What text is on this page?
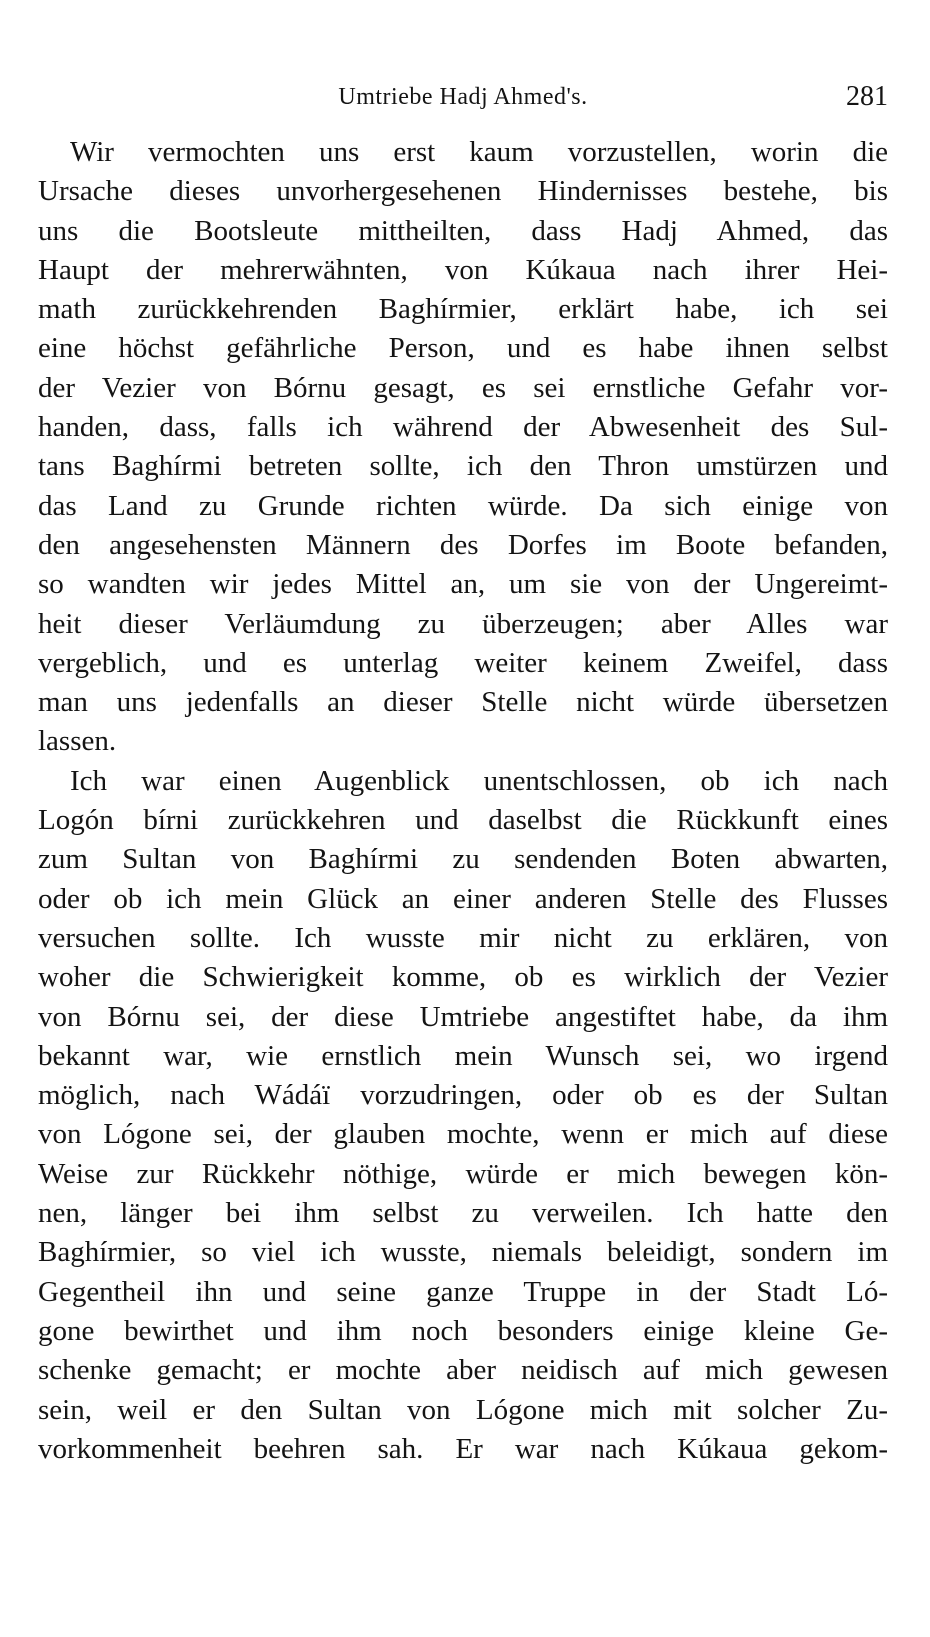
Umtriebe Hadj Ahmed's.	281
Wir vermochten uns erst kaum vorzustellen, worin die
Ursache dieses unvorhergesehenen Hindernisses bestehe, bis
uns die Bootsleute mittheilten, dass Hadj Ahmed, das
Haupt der mehrerwähnten, von Kúkaua nach ihrer Hei-
math zurückkehrenden Baghírmier, erklärt habe, ich sei
eine höchst gefährliche Person, und es habe ihnen selbst
der Vezier von Bórnu gesagt, es sei ernstliche Gefahr vor-
handen, dass, falls ich während der Abwesenheit des Sul-
tans Baghírmi betreten sollte, ich den Thron umstürzen und
das Land zu Grunde richten würde. Da sich einige von
den angesehensten Männern des Dorfes im Boote befanden,
so wandten wir jedes Mittel an, um sie von der Ungereimt-
heit dieser Verläumdung zu überzeugen; aber Alles war
vergeblich, und es unterlag weiter keinem Zweifel, dass
man uns jedenfalls an dieser Stelle nicht würde übersetzen
lassen.
Ich war einen Augenblick unentschlossen, ob ich nach
Logón bírni zurückkehren und daselbst die Rückkunft eines
zum Sultan von Baghírmi zu sendenden Boten abwarten,
oder ob ich mein Glück an einer anderen Stelle des Flusses
versuchen sollte. Ich wusste mir nicht zu erklären, von
woher die Schwierigkeit komme, ob es wirklich der Vezier
von Bórnu sei, der diese Umtriebe angestiftet habe, da ihm
bekannt war, wie ernstlich mein Wunsch sei, wo irgend
möglich, nach Wádáï vorzudringen, oder ob es der Sultan
von Lógone sei, der glauben mochte, wenn er mich auf diese
Weise zur Rückkehr nöthige, würde er mich bewegen kön-
nen, länger bei ihm selbst zu verweilen. Ich hatte den
Baghírmier, so viel ich wusste, niemals beleidigt, sondern im
Gegentheil ihn und seine ganze Truppe in der Stadt Ló-
gone bewirthet und ihm noch besonders einige kleine Ge-
schenke gemacht; er mochte aber neidisch auf mich gewesen
sein, weil er den Sultan von Lógone mich mit solcher Zu-
vorkommenheit beehren sah. Er war nach Kúkaua gekom-
